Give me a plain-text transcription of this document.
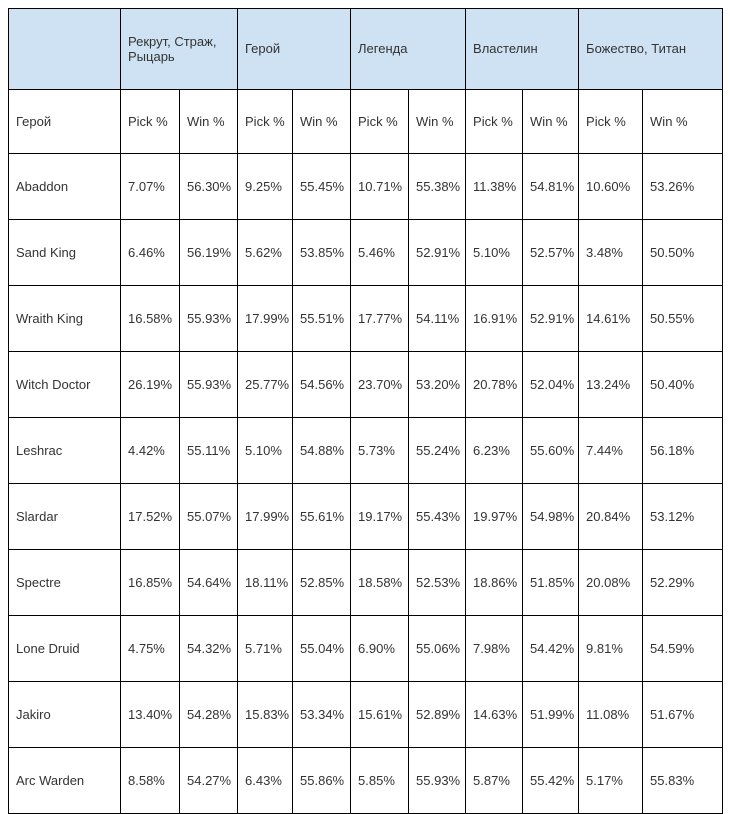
	Рекрут, Страж, Рыцарь		Герой		Легенда		Властелин		Божество, Титан	
Герой	Pick %	Win %	Pick %	Win %	Pick %	Win %	Pick %	Win %	Pick %	Win %
Abaddon	7.07%	56.30%	9.25%	55.45%	10.71%	55.38%	11.38%	54.81%	10.60%	53.26%
Sand King	6.46%	56.19%	5.62%	53.85%	5.46%	52.91%	5.10%	52.57%	3.48%	50.50%
Wraith King	16.58%	55.93%	17.99%	55.51%	17.77%	54.11%	16.91%	52.91%	14.61%	50.55%
Witch Doctor	26.19%	55.93%	25.77%	54.56%	23.70%	53.20%	20.78%	52.04%	13.24%	50.40%
Leshrac	4.42%	55.11%	5.10%	54.88%	5.73%	55.24%	6.23%	55.60%	7.44%	56.18%
Slardar	17.52%	55.07%	17.99%	55.61%	19.17%	55.43%	19.97%	54.98%	20.84%	53.12%
Spectre	16.85%	54.64%	18.11%	52.85%	18.58%	52.53%	18.86%	51.85%	20.08%	52.29%
Lone Druid	4.75%	54.32%	5.71%	55.04%	6.90%	55.06%	7.98%	54.42%	9.81%	54.59%
Jakiro	13.40%	54.28%	15.83%	53.34%	15.61%	52.89%	14.63%	51.99%	11.08%	51.67%
Arc Warden	8.58%	54.27%	6.43%	55.86%	5.85%	55.93%	5.87%	55.42%	5.17%	55.83%
